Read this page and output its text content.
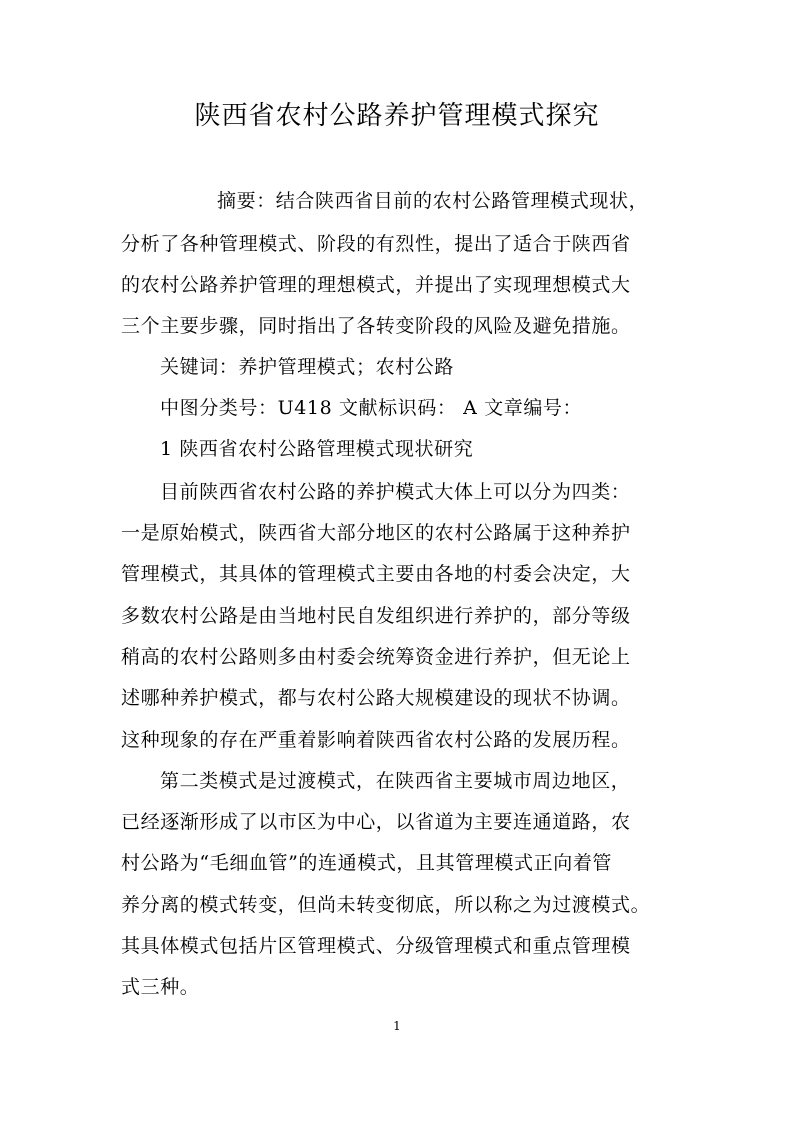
陕西省农村公路养护管理模式探究
摘要：结合陕西省目前的农村公路管理模式现状，
分析了各种管理模式、阶段的有烈性，提出了适合于陕西省
的农村公路养护管理的理想模式，并提出了实现理想模式大
三个主要步骤，同时指出了各转变阶段的风险及避免措施。
关键词：养护管理模式；农村公路
中图分类号：U418 文献标识码： A 文章编号：
1 陕西省农村公路管理模式现状研究
目前陕西省农村公路的养护模式大体上可以分为四类：
一是原始模式，陕西省大部分地区的农村公路属于这种养护
管理模式，其具体的管理模式主要由各地的村委会决定，大
多数农村公路是由当地村民自发组织进行养护的，部分等级
稍高的农村公路则多由村委会统筹资金进行养护，但无论上
述哪种养护模式，都与农村公路大规模建设的现状不协调。
这种现象的存在严重着影响着陕西省农村公路的发展历程。
第二类模式是过渡模式，在陕西省主要城市周边地区，
已经逐渐形成了以市区为中心，以省道为主要连通道路，农
村公路为“毛细血管”的连通模式，且其管理模式正向着管
养分离的模式转变，但尚未转变彻底，所以称之为过渡模式。
其具体模式包括片区管理模式、分级管理模式和重点管理模
式三种。
1
